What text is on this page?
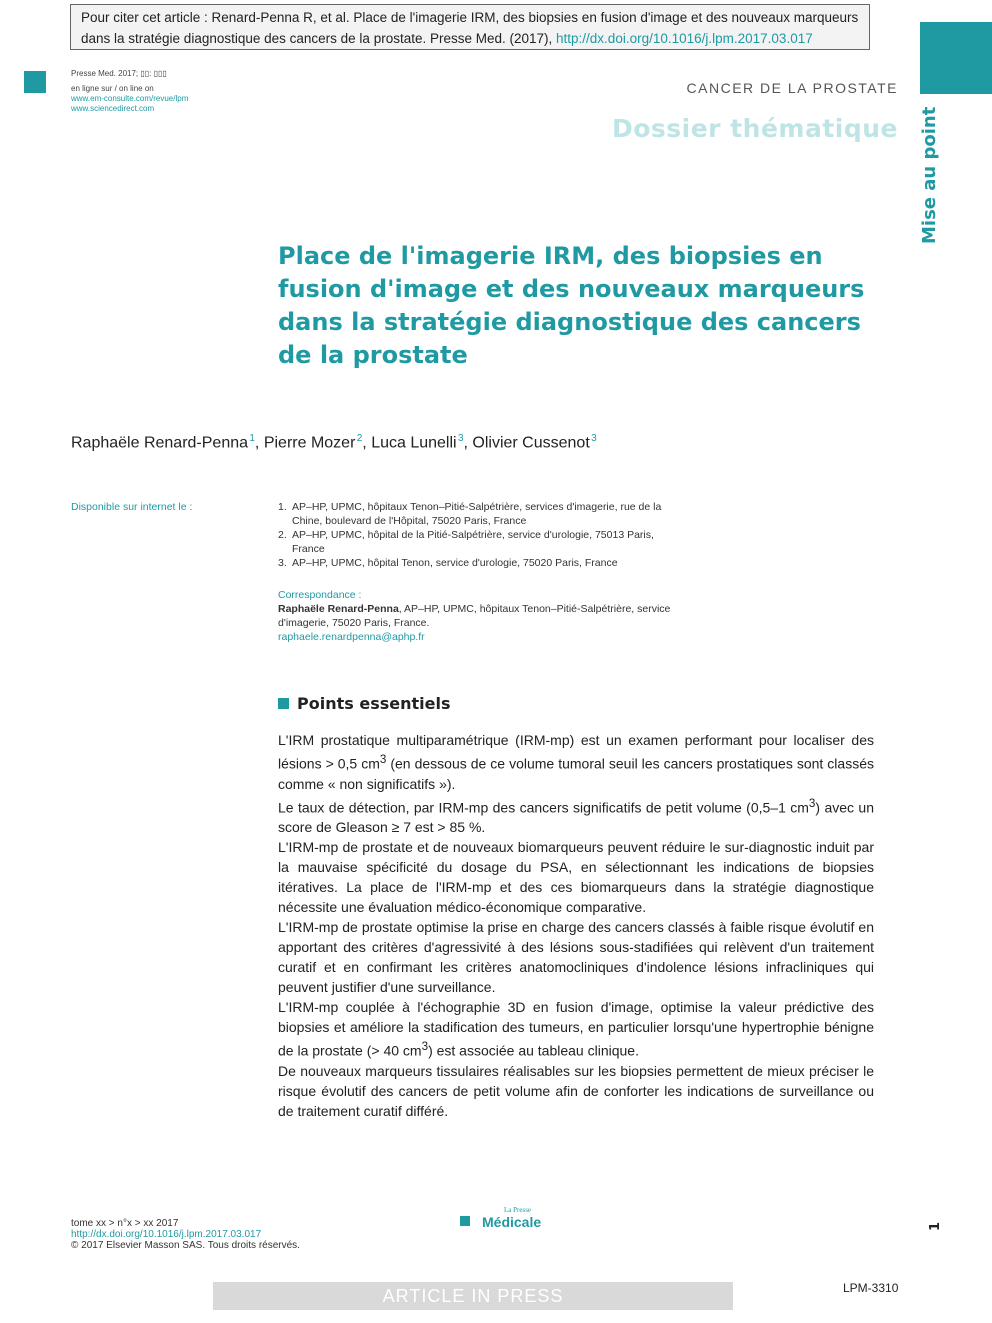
Pour citer cet article : Renard-Penna R, et al. Place de l'imagerie IRM, des biopsies en fusion d'image et des nouveaux marqueurs dans la stratégie diagnostique des cancers de la prostate. Presse Med. (2017), http://dx.doi.org/10.1016/j.lpm.2017.03.017
Presse Med. 2017; ▯▯: ▯▯▯
en ligne sur / on line on
www.em-consulte.com/revue/lpm
www.sciencedirect.com
CANCER DE LA PROSTATE
Dossier thématique Mise au point
Place de l'imagerie IRM, des biopsies en fusion d'image et des nouveaux marqueurs dans la stratégie diagnostique des cancers de la prostate
Raphaële Renard-Penna $^1$, Pierre Mozer $^2$, Luca Lunelli $^3$, Olivier Cussenot $^3$
Disponible sur internet le :	1. AP–HP, UPMC, hôpitaux Tenon–Pitié-Salpétrière, services d'imagerie, rue de la Chine, boulevard de l'Hôpital, 75020 Paris, France
2. AP–HP, UPMC, hôpital de la Pitié-Salpétrière, service d'urologie, 75013 Paris, France
3. AP–HP, UPMC, hôpital Tenon, service d'urologie, 75020 Paris, France
Correspondance :
Raphaële Renard-Penna, AP–HP, UPMC, hôpitaux Tenon–Pitié-Salpétrière, service d'imagerie, 75020 Paris, France.
raphaele.renardpenna@aphp.fr
Points essentiels

L'IRM prostatique multiparamétrique (IRM-mp) est un examen performant pour localiser des lésions > 0,5 $cm^3$ (en dessous de ce volume tumoral seuil les cancers prostatiques sont classés comme « non significatifs »).

Le taux de détection, par IRM-mp des cancers significatifs de petit volume (0,5–1 $cm^3$) avec un score de Gleason ≥ 7 est > 85 %.

L'IRM-mp de prostate et de nouveaux biomarqueurs peuvent réduire le sur-diagnostic induit par la mauvaise spécificité du dosage du PSA, en sélectionnant les indications de biopsies itératives. La place de l'IRM-mp et des ces biomarqueurs dans la stratégie diagnostique nécessite une évaluation médico-économique comparative.

L'IRM-mp de prostate optimise la prise en charge des cancers classés à faible risque évolutif en apportant des critères d'agressivité à des lésions sous-stadifiées qui relèvent d'un traitement curatif et en confirmant les critères anatomocliniques d'indolence lésions infracliniques qui peuvent justifier d'une surveillance.

L'IRM-mp couplée à l'échographie 3D en fusion d'image, optimise la valeur prédictive des biopsies et améliore la stadification des tumeurs, en particulier lorsqu'une hypertrophie bénigne de la prostate (> 40 $cm^3$) est associée au tableau clinique.

De nouveaux marqueurs tissulaires réalisables sur les biopsies permettent de mieux préciser le risque évolutif des cancers de petit volume afin de conforter les indications de surveillance ou de traitement curatif différé.

tome xx > n°x > xx 2017
http://dx.doi.org/10.1016/j.lpm.2017.03.017
© 2017 Elsevier Masson SAS. Tous droits réservés.
La Presse
Médicale	1
ARTICLE IN PRESS	LPM-3310
